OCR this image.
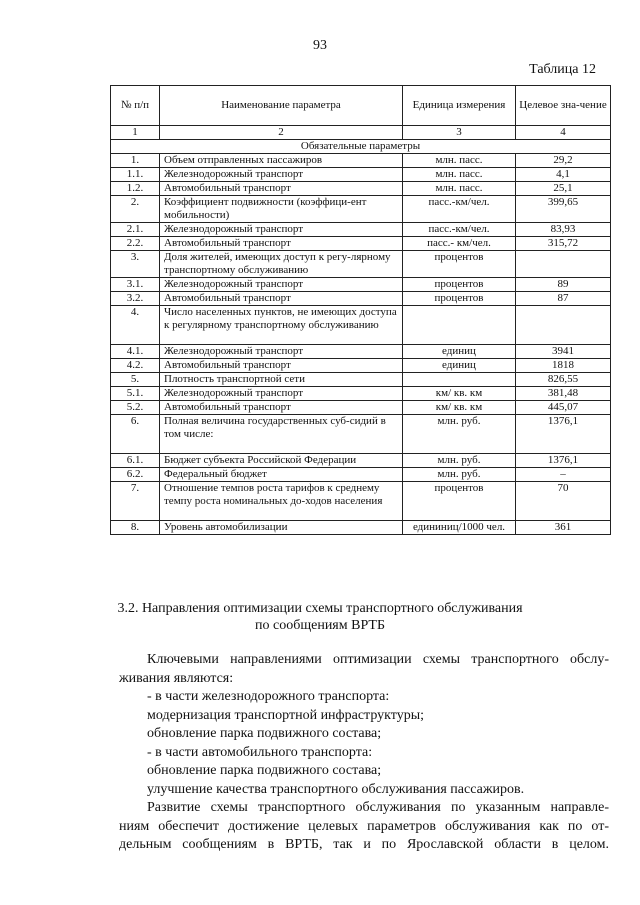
93
Таблица 12
№ п/п	Наименование параметра	Единица измерения	Целевое зна-чение
1	2	3	4
Обязательные параметры			
1.	Объем отправленных пассажиров	млн. пасс.	29,2
1.1.	Железнодорожный транспорт	млн. пасс.	4,1
1.2.	Автомобильный транспорт	млн. пасс.	25,1
2.	Коэффициент подвижности (коэффици-ент мобильности)	пасс.-км/чел.	399,65
2.1.	Железнодорожный транспорт	пасс.-км/чел.	83,93
2.2.	Автомобильный транспорт	пасс.- км/чел.	315,72
3.	Доля жителей, имеющих доступ к регу-лярному транспортному обслуживанию	процентов	
3.1.	Железнодорожный транспорт	процентов	89
3.2.	Автомобильный транспорт	процентов	87
4.	Число населенных пунктов, не имеющих доступа к регулярному транспортному обслуживанию		
4.1.	Железнодорожный транспорт	единиц	3941
4.2.	Автомобильный транспорт	единиц	1818
5.	Плотность транспортной сети		826,55
5.1.	Железнодорожный транспорт	км/ кв. км	381,48
5.2.	Автомобильный транспорт	км/ кв. км	445,07
6.	Полная величина государственных суб-сидий в том числе:	млн. руб.	1376,1
6.1.	Бюджет субъекта Российской Федерации	млн. руб.	1376,1
6.2.	Федеральный бюджет	млн. руб.	–
7.	Отношение темпов роста тарифов к среднему темпу роста номинальных до-ходов населения	процентов	70
8.	Уровень автомобилизации	едининиц/1000 чел.	361
3.2. Направления оптимизации схемы транспортного обслуживания
по сообщениям ВРТБ

Ключевыми направлениями оптимизации схемы транспортного обслу-

живания являются:

- в части железнодорожного транспорта:

модернизация транспортной инфраструктуры;

обновление парка подвижного состава;

- в части автомобильного транспорта:

обновление парка подвижного состава;

улучшение качества транспортного обслуживания пассажиров.

Развитие схемы транспортного обслуживания по указанным направле-

ниям обеспечит достижение целевых параметров обслуживания как по от-

дельным сообщениям в ВРТБ, так и по Ярославской области в целом.
